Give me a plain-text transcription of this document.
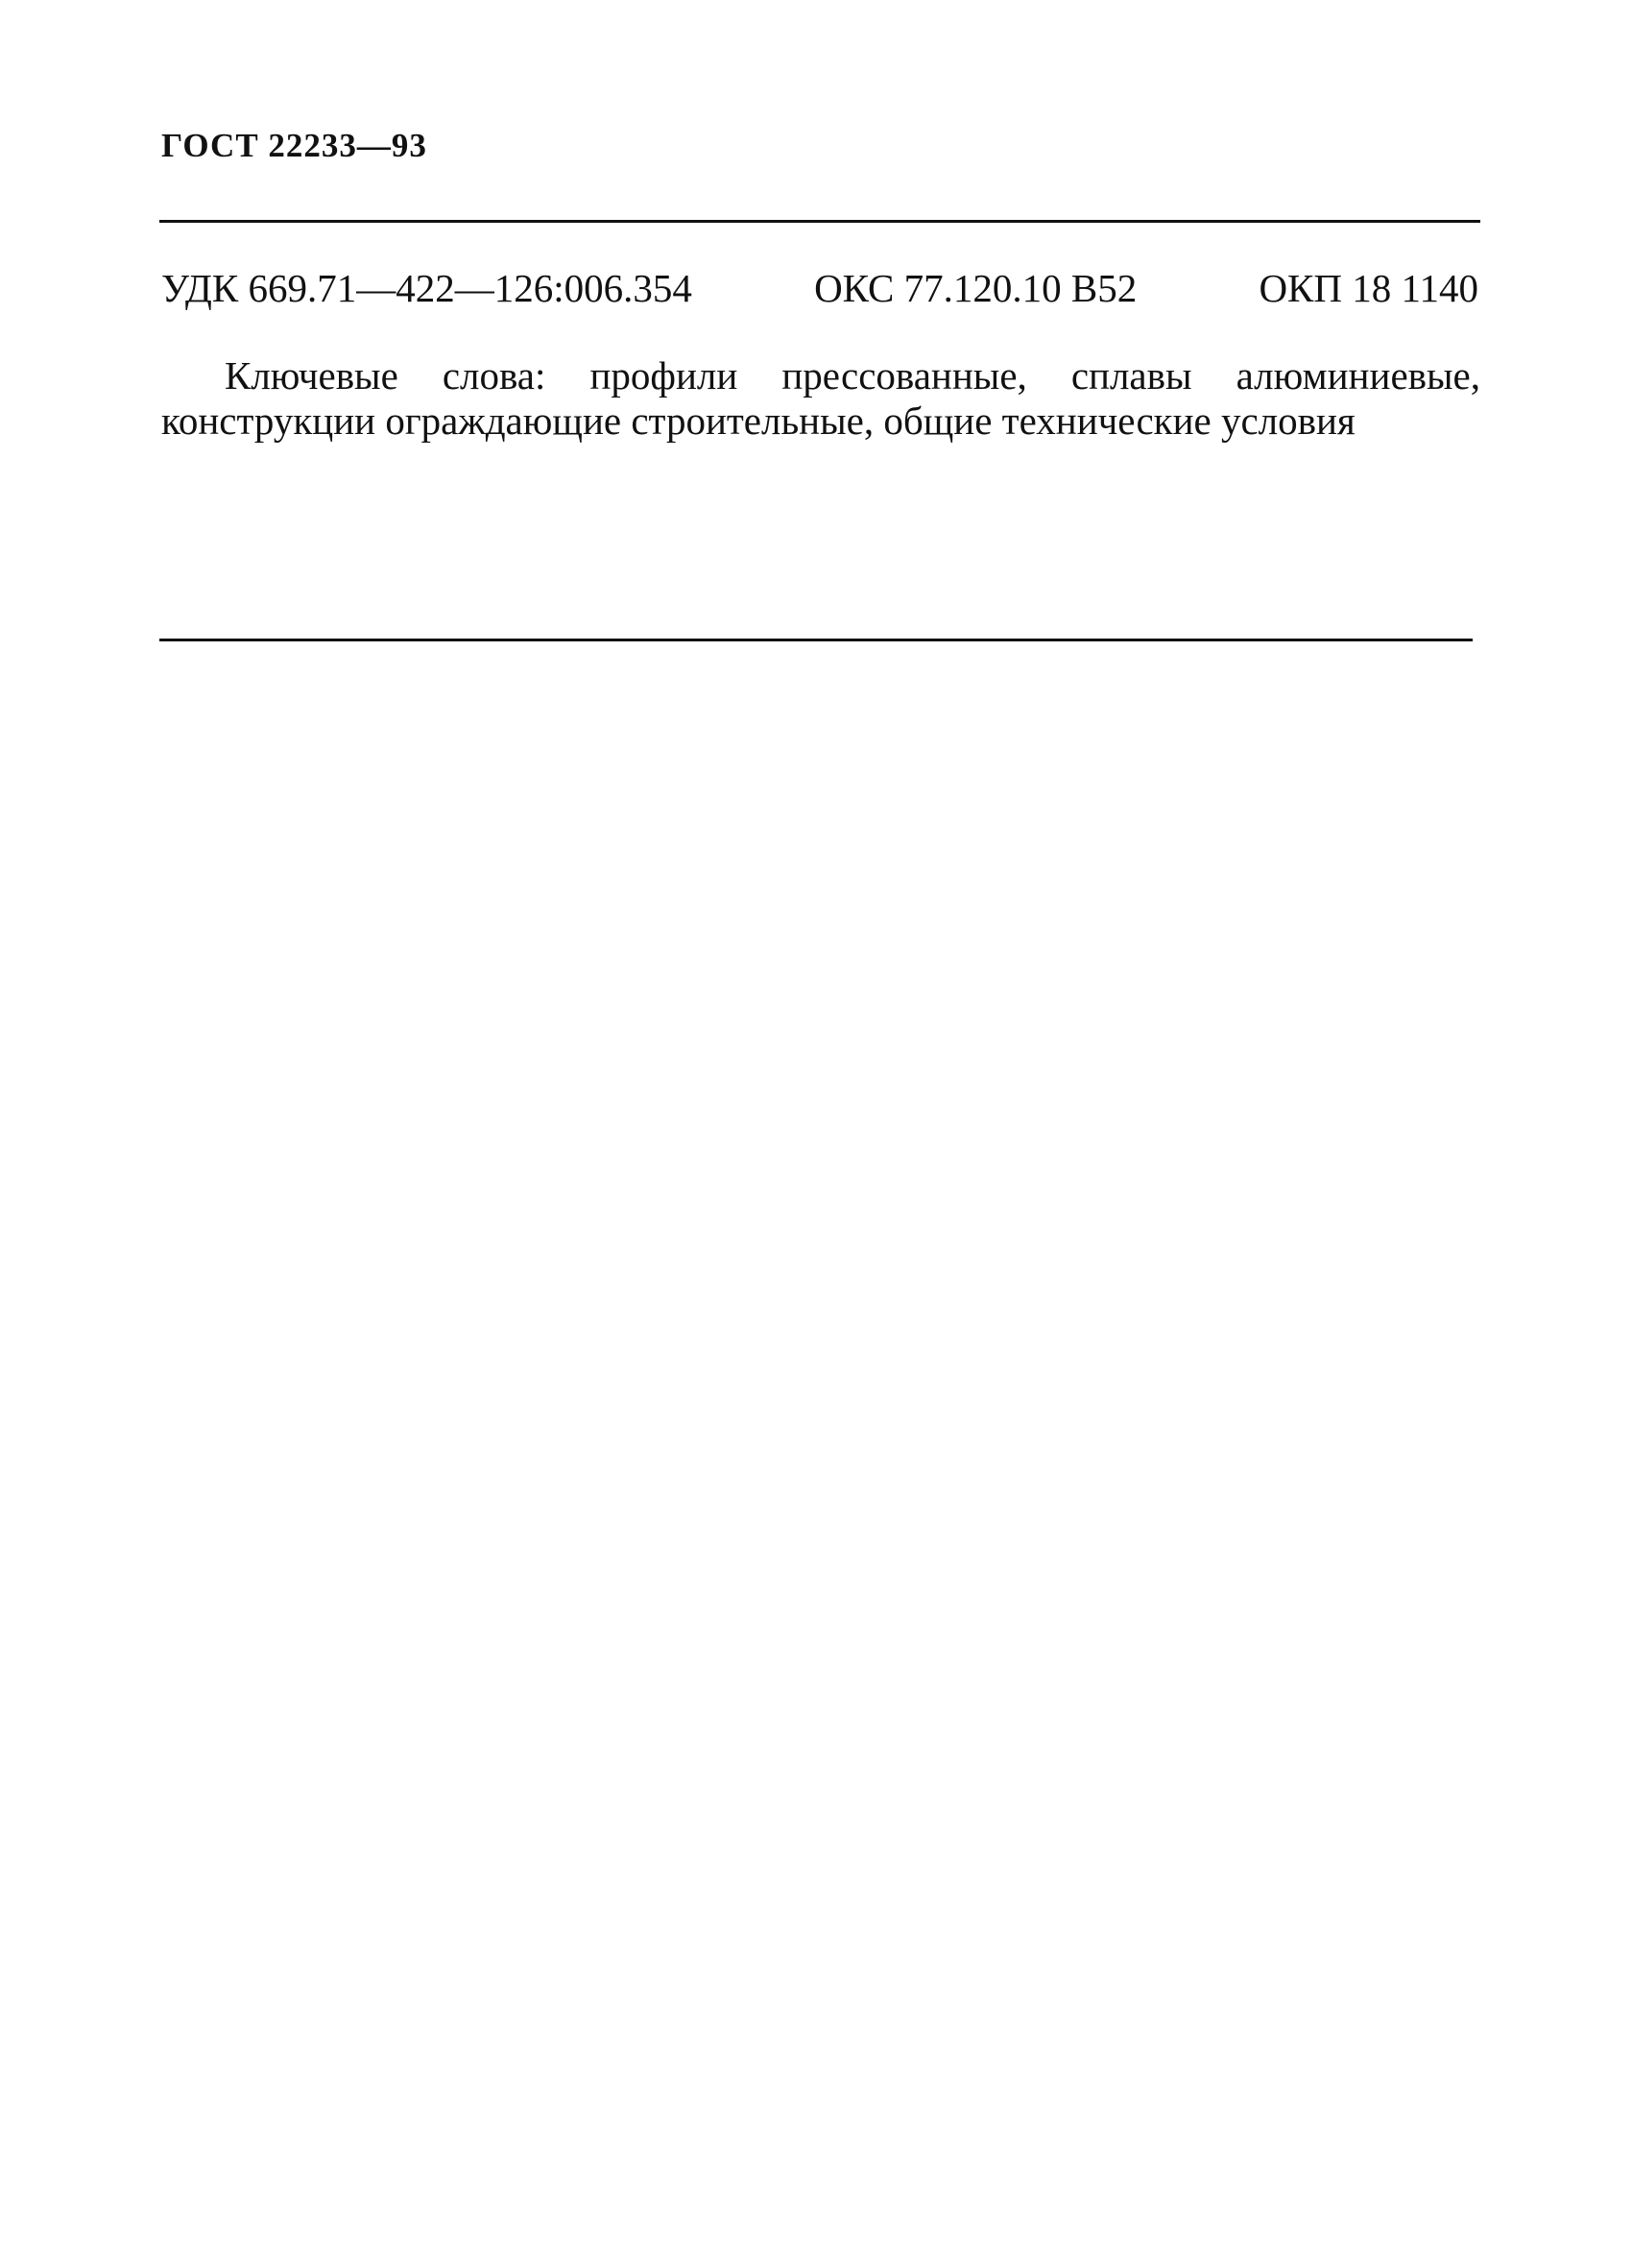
ГОСТ 22233—93
УДК 669.71—422—126:006.354	ОКС 77.120.10 В52	ОКП 18 1140
Ключевые слова: профили прессованные, сплавы алюминиевые, конструкции ограждающие строительные, общие технические условия
